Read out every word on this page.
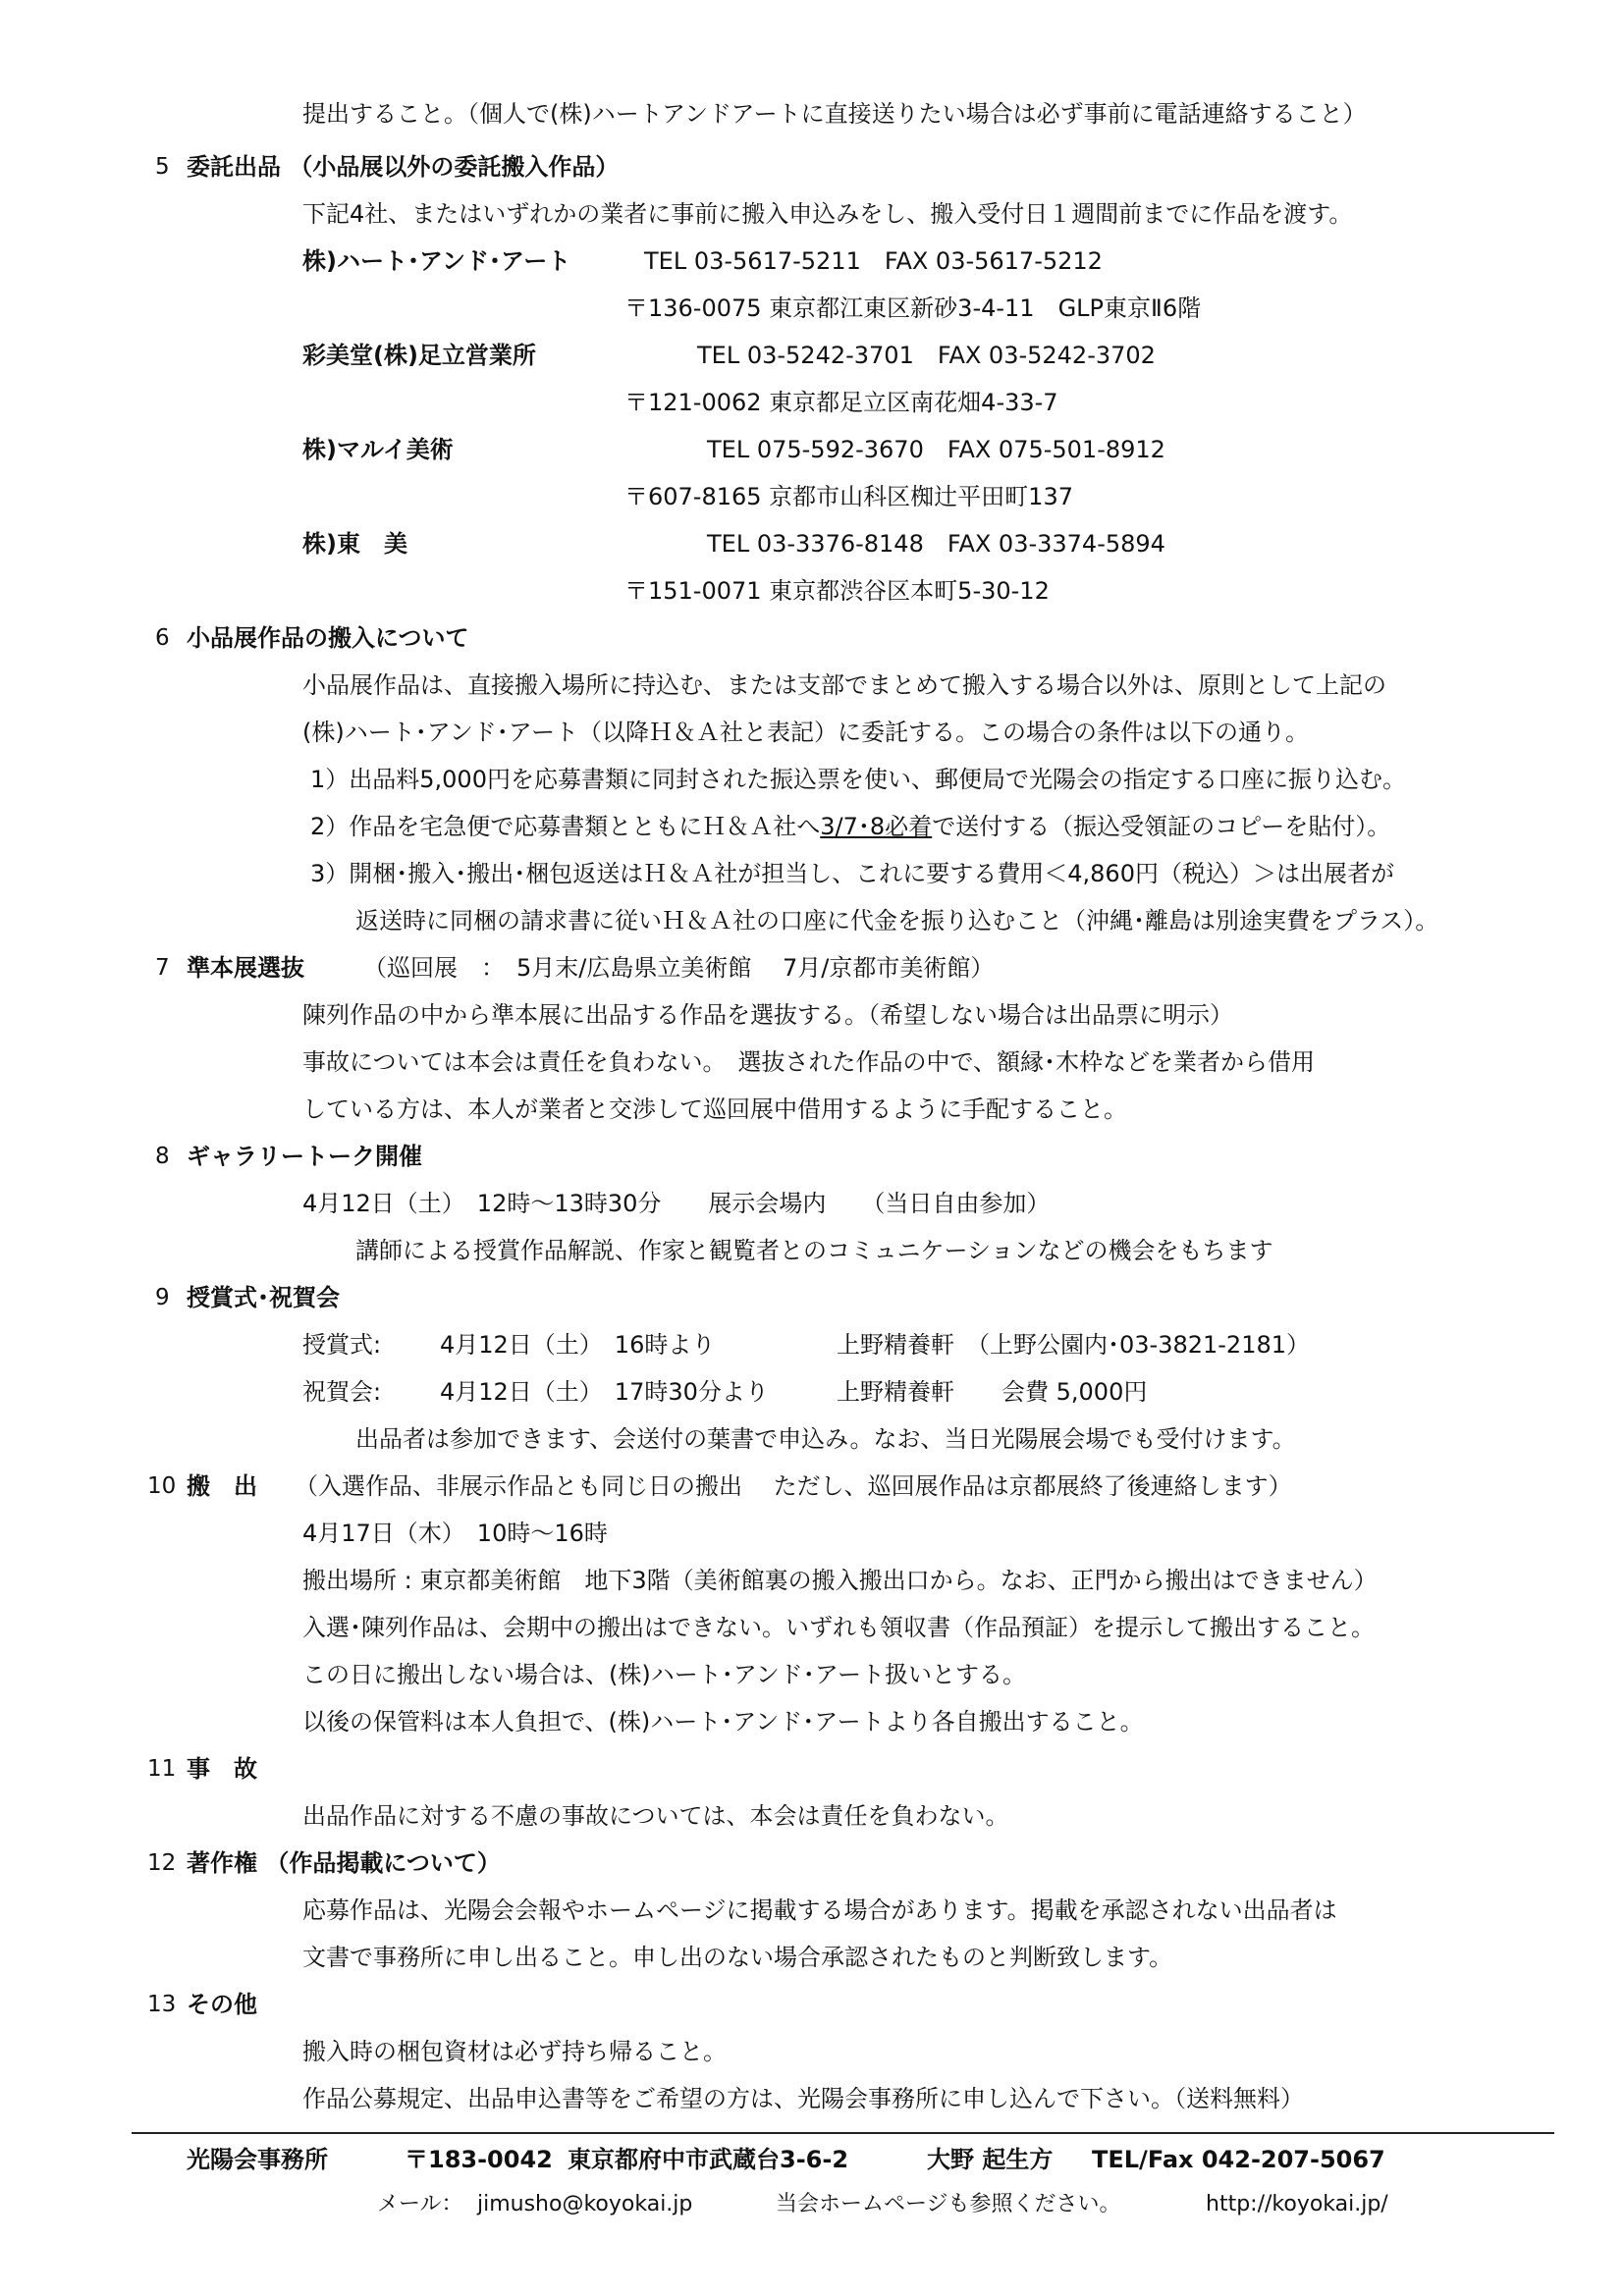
提出すること。（個人で(株)ハートアンドアートに直接送りたい場合は必ず事前に電話連絡すること）
5 委託出品 （小品展以外の委託搬入作品）
下記4社、またはいずれかの業者に事前に搬入申込みをし、搬入受付日１週間前までに作品を渡す。
株)ハート･アンド･アート	TEL 03-5617-5211　FAX 03-5617-5212
〒136-0075 東京都江東区新砂3-4-11　GLP東京Ⅱ6階
彩美堂(株)足立営業所	TEL 03-5242-3701　FAX 03-5242-3702
〒121-0062 東京都足立区南花畑4-33-7
株)マルイ美術	TEL 075-592-3670　FAX 075-501-8912
〒607-8165 京都市山科区椥辻平田町137
株)東　美	TEL 03-3376-8148　FAX 03-3374-5894
〒151-0071 東京都渋谷区本町5-30-12
6 小品展作品の搬入について
小品展作品は、直接搬入場所に持込む、または支部でまとめて搬入する場合以外は、原則として上記の
(株)ハート･アンド･アート（以降Ｈ＆Ａ社と表記）に委託する。この場合の条件は以下の通り。
1）出品料5,000円を応募書類に同封された振込票を使い、郵便局で光陽会の指定する口座に振り込む。
2）作品を宅急便で応募書類とともにＨ＆Ａ社へ3/7･8必着で送付する（振込受領証のコピーを貼付）。
3）開梱･搬入･搬出･梱包返送はＨ＆Ａ社が担当し、これに要する費用＜4,860円（税込）＞は出展者が
返送時に同梱の請求書に従いＨ＆Ａ社の口座に代金を振り込むこと（沖縄･離島は別途実費をプラス）。
7 準本展選抜	（巡回展　：　5月末/広島県立美術館　 7月/京都市美術館）
陳列作品の中から準本展に出品する作品を選抜する。（希望しない場合は出品票に明示）
事故については本会は責任を負わない。　選抜された作品の中で、額縁･木枠などを業者から借用
している方は、本人が業者と交渉して巡回展中借用するように手配すること。
8 ギャラリートーク開催
4月12日（土）　12時～13時30分　　展示会場内　　（当日自由参加）
講師による授賞作品解説、作家と観覧者とのコミュニケーションなどの機会をもちます
9 授賞式･祝賀会
授賞式: 4月12日（土）　16時より	上野精養軒　（上野公園内･03-3821-2181）
祝賀会: 4月12日（土）　17時30分より	上野精養軒　　会費 5,000円
出品者は参加できます、会送付の葉書で申込み。なお、当日光陽展会場でも受付けます。
10 搬　出 （入選作品、非展示作品とも同じ日の搬出　 ただし、巡回展作品は京都展終了後連絡します）
4月17日（木）　10時～16時
搬出場所 : 東京都美術館　地下3階（美術館裏の搬入搬出口から。なお、正門から搬出はできません）
入選･陳列作品は、会期中の搬出はできない。いずれも領収書（作品預証）を提示して搬出すること。
この日に搬出しない場合は、(株)ハート･アンド･アート扱いとする。
以後の保管料は本人負担で、(株)ハート･アンド･アートより各自搬出すること。
11 事　故
出品作品に対する不慮の事故については、本会は責任を負わない。
12 著作権 （作品掲載について）
応募作品は、光陽会会報やホームページに掲載する場合があります。掲載を承認されない出品者は
文書で事務所に申し出ること。申し出のない場合承認されたものと判断致します。
13 その他
搬入時の梱包資材は必ず持ち帰ること。
作品公募規定、出品申込書等をご希望の方は、光陽会事務所に申し込んで下さい。（送料無料）
光陽会事務所	〒183-0042 東京都府中市武蔵台3-6-2	大野 起生方 TEL/Fax 042-207-5067
メール： jimusho@koyokai.jp	当会ホームページも参照ください。	http://koyokai.jp/
